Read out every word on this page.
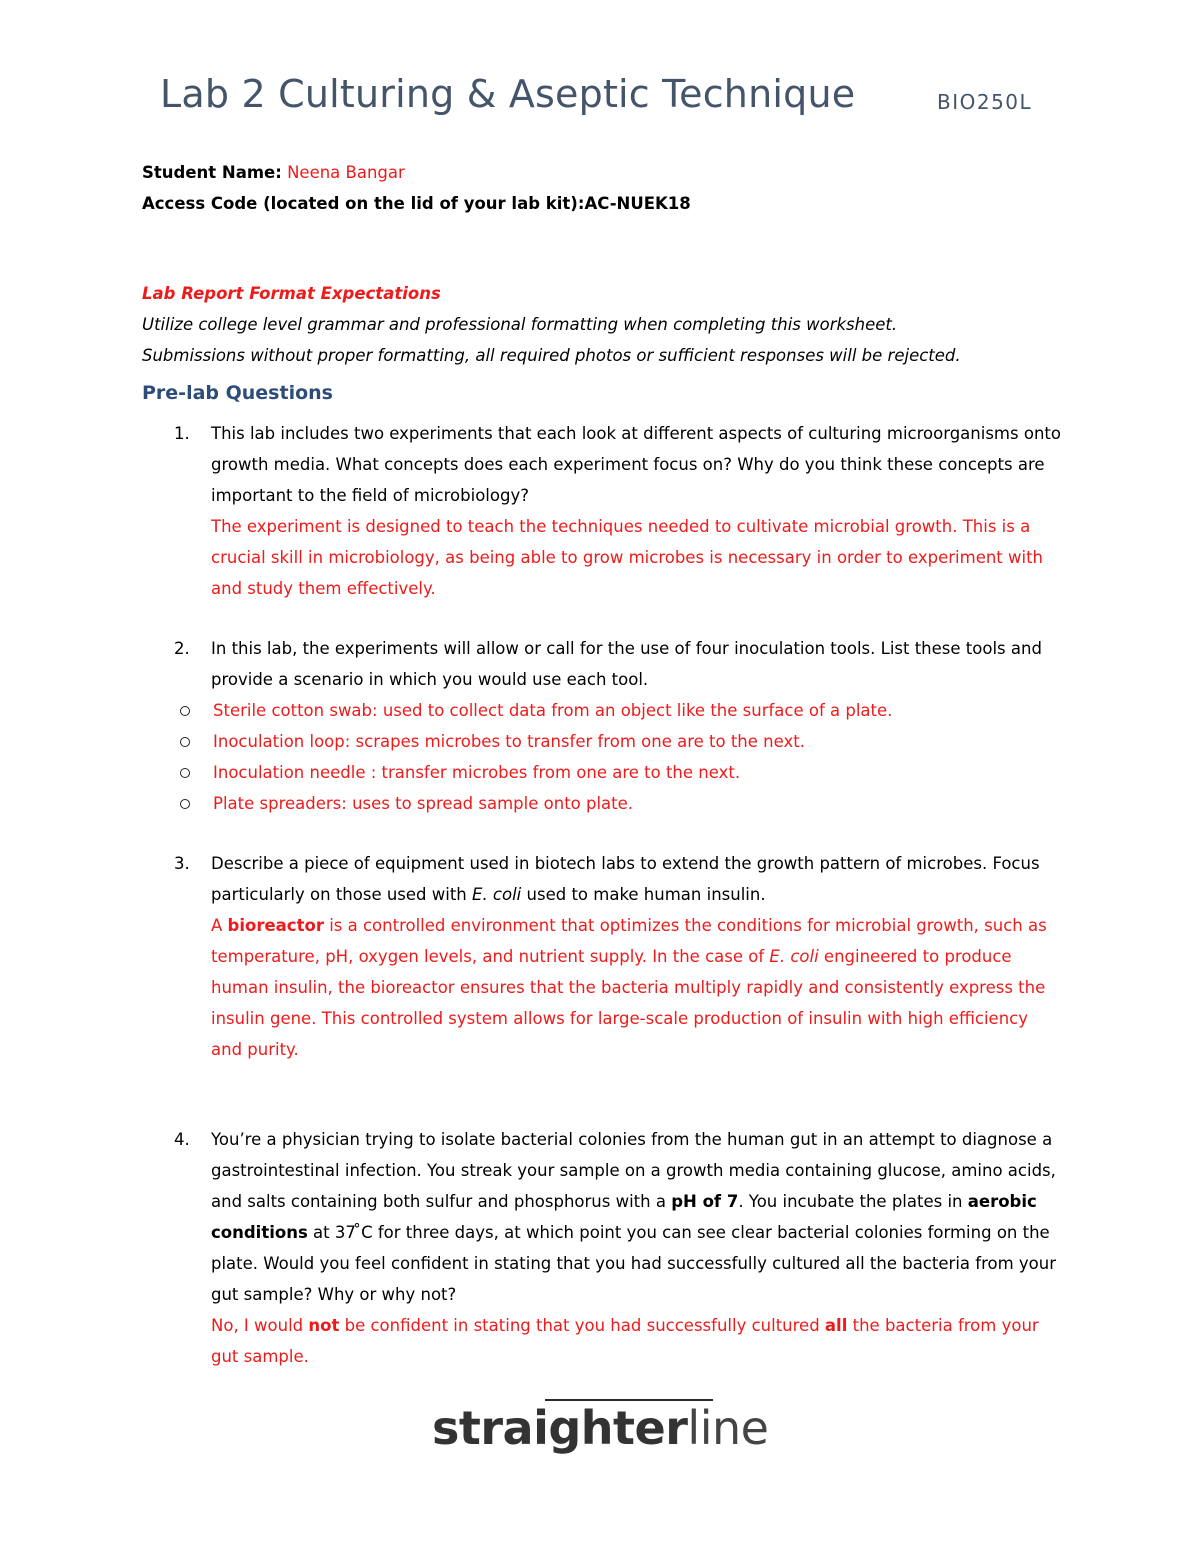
Lab 2 Culturing & Aseptic Technique	BIO250L
Student Name: Neena Bangar
Access Code (located on the lid of your lab kit):AC-NUEK18
Lab Report Format Expectations
Utilize college level grammar and professional formatting when completing this worksheet.
Submissions without proper formatting, all required photos or sufficient responses will be rejected.
Pre-lab Questions
1. This lab includes two experiments that each look at different aspects of culturing microorganisms onto growth media. What concepts does each experiment focus on? Why do you think these concepts are important to the field of microbiology?
The experiment is designed to teach the techniques needed to cultivate microbial growth. This is a crucial skill in microbiology, as being able to grow microbes is necessary in order to experiment with and study them effectively.
2. In this lab, the experiments will allow or call for the use of four inoculation tools. List these tools and provide a scenario in which you would use each tool.
Sterile cotton swab: used to collect data from an object like the surface of a plate.
Inoculation loop: scrapes microbes to transfer from one are to the next.
Inoculation needle : transfer microbes from one are to the next.
Plate spreaders: uses to spread sample onto plate.
3. Describe a piece of equipment used in biotech labs to extend the growth pattern of microbes. Focus particularly on those used with E. coli used to make human insulin.
A bioreactor is a controlled environment that optimizes the conditions for microbial growth, such as temperature, pH, oxygen levels, and nutrient supply. In the case of E. coli engineered to produce human insulin, the bioreactor ensures that the bacteria multiply rapidly and consistently express the insulin gene. This controlled system allows for large-scale production of insulin with high efficiency and purity.
4. You’re a physician trying to isolate bacterial colonies from the human gut in an attempt to diagnose a gastrointestinal infection. You streak your sample on a growth media containing glucose, amino acids, and salts containing both sulfur and phosphorus with a pH of 7. You incubate the plates in aerobic conditions at 37 ̊C for three days, at which point you can see clear bacterial colonies forming on the plate. Would you feel confident in stating that you had successfully cultured all the bacteria from your gut sample? Why or why not?
No, I would not be confident in stating that you had successfully cultured all the bacteria from your gut sample.
straighterline
